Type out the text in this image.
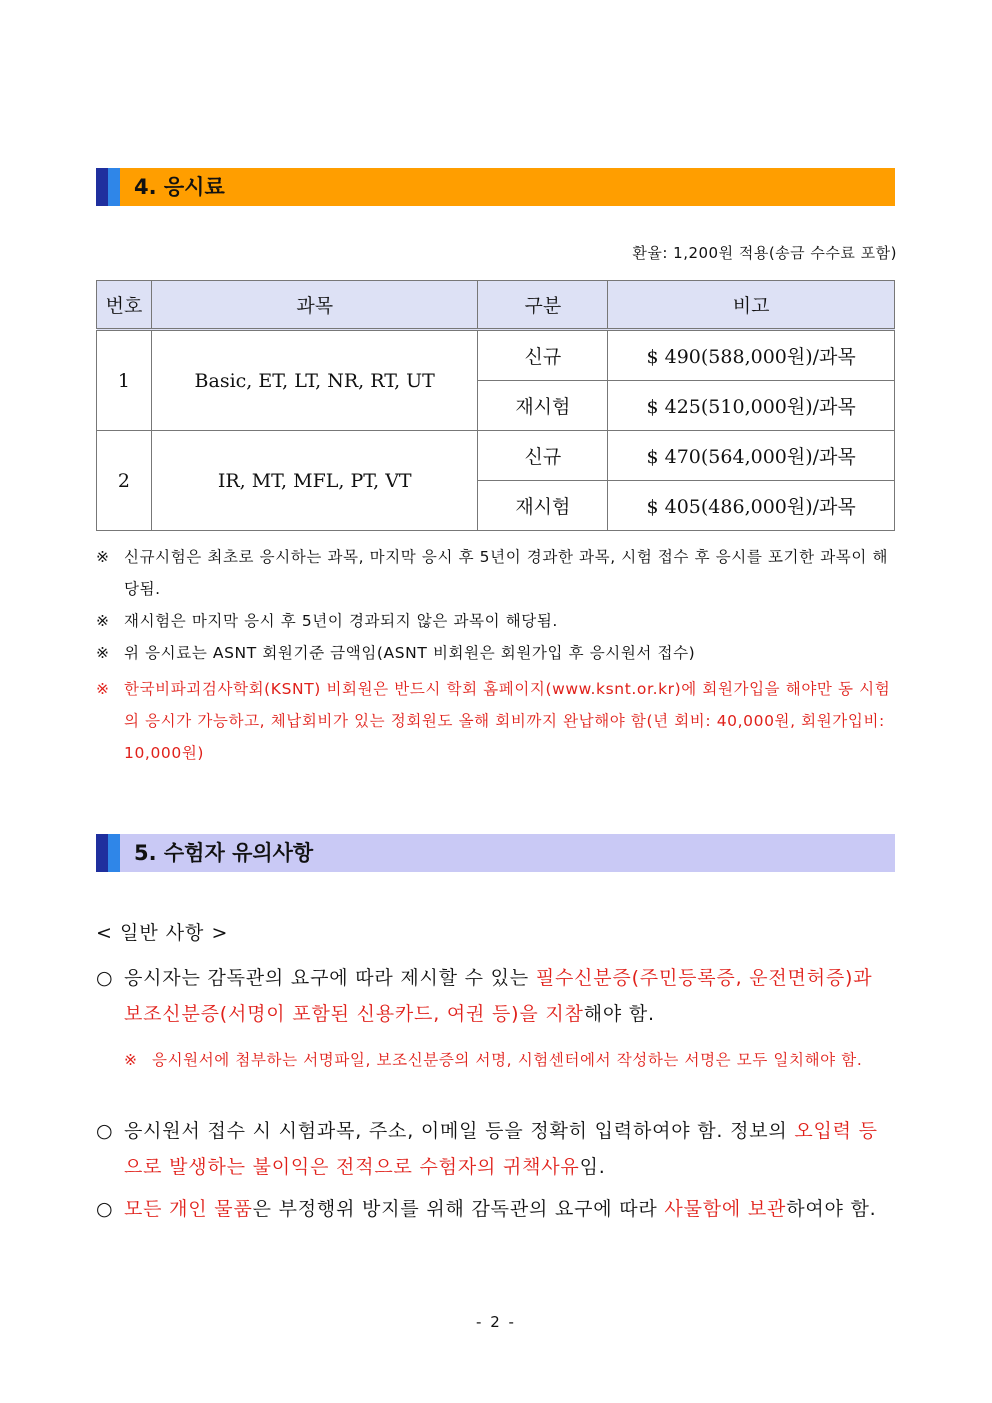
4. 응시료
환율: 1,200원 적용(송금 수수료 포함)
번호	과목	구분	비고
1	Basic, ET, LT, NR, RT, UT	신규	$ 490(588,000원)/과목
		재시험	$ 425(510,000원)/과목
2	IR, MT, MFL, PT, VT	신규	$ 470(564,000원)/과목
		재시험	$ 405(486,000원)/과목
※ 신규시험은 최초로 응시하는 과목, 마지막 응시 후 5년이 경과한 과목, 시험 접수 후 응시를 포기한 과목이 해당됨.
※ 재시험은 마지막 응시 후 5년이 경과되지 않은 과목이 해당됨.
※ 위 응시료는 ASNT 회원기준 금액임(ASNT 비회원은 회원가입 후 응시원서 접수)
※ 한국비파괴검사학회(KSNT) 비회원은 반드시 학회 홈페이지(www.ksnt.or.kr)에 회원가입을 해야만 동 시험의 응시가 가능하고, 체납회비가 있는 정회원도 올해 회비까지 완납해야 함(년 회비: 40,000원, 회원가입비: 10,000원)
5. 수험자 유의사항
< 일반 사항 >
○ 응시자는 감독관의 요구에 따라 제시할 수 있는 필수신분증(주민등록증, 운전면허증)과 보조신분증(서명이 포함된 신용카드, 여권 등)을 지참해야 함.
※ 응시원서에 첨부하는 서명파일, 보조신분증의 서명, 시험센터에서 작성하는 서명은 모두 일치해야 함.
○ 응시원서 접수 시 시험과목, 주소, 이메일 등을 정확히 입력하여야 함. 정보의 오입력 등으로 발생하는 불이익은 전적으로 수험자의 귀책사유임.
○ 모든 개인 물품은 부정행위 방지를 위해 감독관의 요구에 따라 사물함에 보관하여야 함.
- 2 -
